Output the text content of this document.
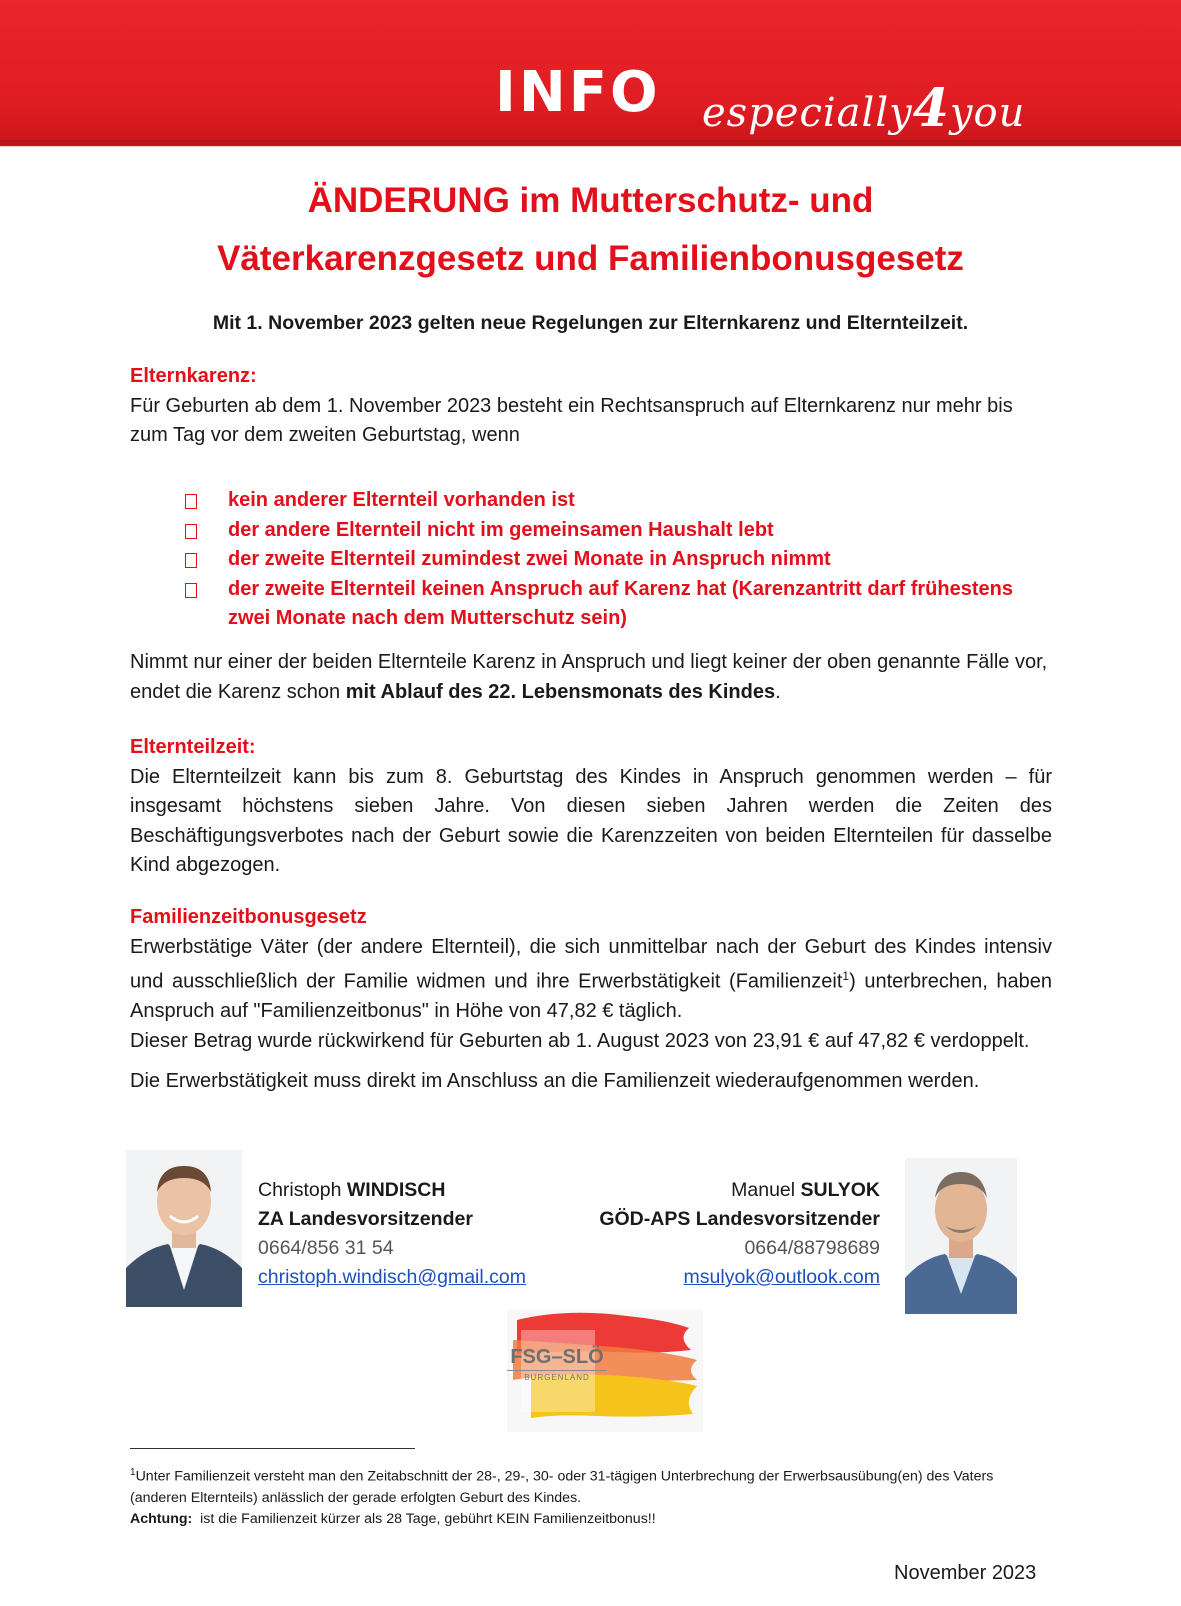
INFO especially4you
ÄNDERUNG im Mutterschutz- und
Väterkarenzgesetz und Familienbonusgesetz
Mit 1. November 2023 gelten neue Regelungen zur Elternkarenz und Elternteilzeit.
Elternkarenz:
Für Geburten ab dem 1. November 2023 besteht ein Rechtsanspruch auf Elternkarenz nur mehr bis zum Tag vor dem zweiten Geburtstag, wenn
kein anderer Elternteil vorhanden ist
der andere Elternteil nicht im gemeinsamen Haushalt lebt
der zweite Elternteil zumindest zwei Monate in Anspruch nimmt
der zweite Elternteil keinen Anspruch auf Karenz hat (Karenzantritt darf frühestens zwei Monate nach dem Mutterschutz sein)
Nimmt nur einer der beiden Elternteile Karenz in Anspruch und liegt keiner der oben genannte Fälle vor, endet die Karenz schon mit Ablauf des 22. Lebensmonats des Kindes.
Elternteilzeit:
Die Elternteilzeit kann bis zum 8. Geburtstag des Kindes in Anspruch genommen werden – für insgesamt höchstens sieben Jahre. Von diesen sieben Jahren werden die Zeiten des Beschäftigungsverbotes nach der Geburt sowie die Karenzzeiten von beiden Elternteilen für dasselbe Kind abgezogen.
Familienzeitbonusgesetz
Erwerbstätige Väter (der andere Elternteil), die sich unmittelbar nach der Geburt des Kindes intensiv und ausschließlich der Familie widmen und ihre Erwerbstätigkeit (Familienzeit$^1$) unterbrechen, haben Anspruch auf "Familienzeitbonus" in Höhe von 47,82 € täglich.
Dieser Betrag wurde rückwirkend für Geburten ab 1. August 2023 von 23,91 € auf 47,82 € verdoppelt.
Die Erwerbstätigkeit muss direkt im Anschluss an die Familienzeit wiederaufgenommen werden.
Christoph WINDISCH
ZA Landesvorsitzender
0664/856 31 54
christoph.windisch@gmail.com
Manuel SULYOK
GÖD-APS Landesvorsitzender
0664/88798689
msulyok@outlook.com
FSG–SLÖ
BURGENLAND
$^1$Unter Familienzeit versteht man den Zeitabschnitt der 28-, 29-, 30- oder 31-tägigen Unterbrechung der Erwerbsausübung(en) des Vaters (anderen Elternteils) anlässlich der gerade erfolgten Geburt des Kindes.
Achtung:  ist die Familienzeit kürzer als 28 Tage, gebührt KEIN Familienzeitbonus!!
November 2023
